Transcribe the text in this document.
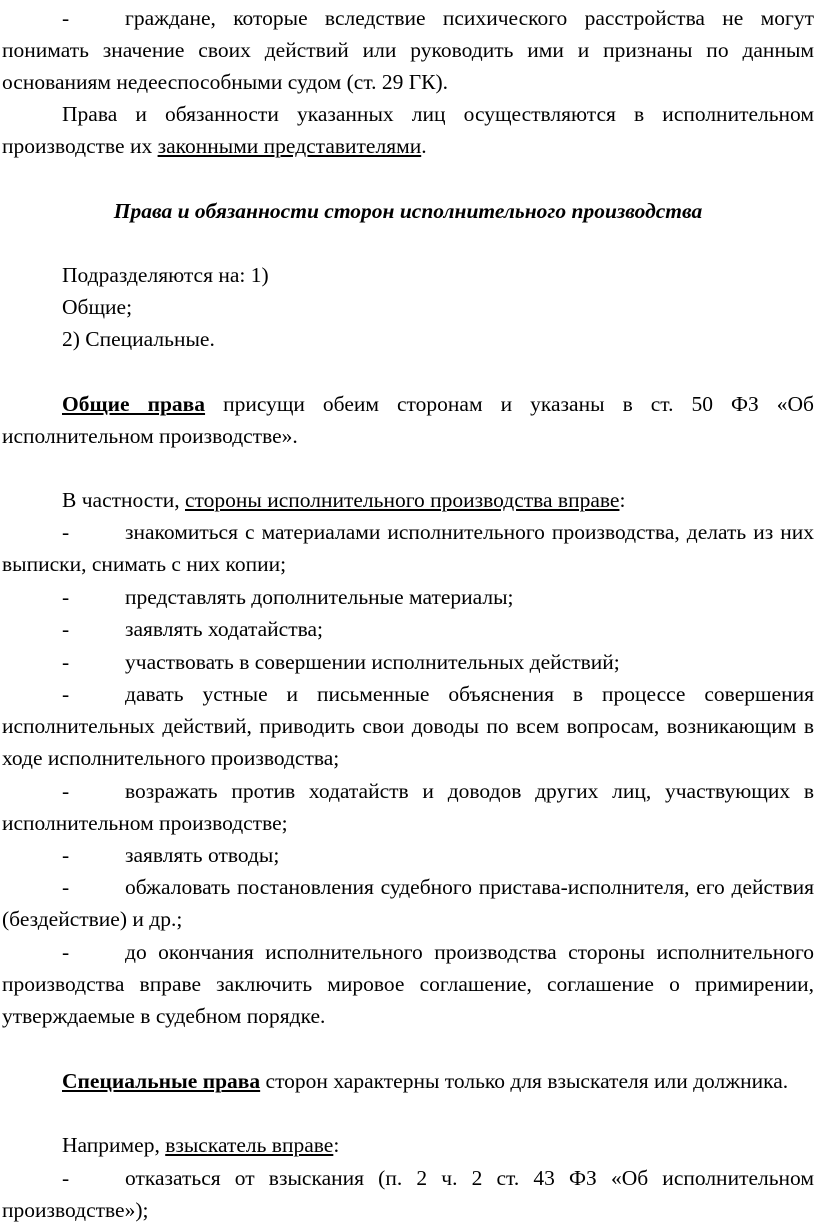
-	граждане, которые вследствие психического расстройства не могут понимать значение своих действий или руководить ими и признаны по данным основаниям недееспособными судом (ст. 29 ГК).

Права и обязанности указанных лиц осуществляются в исполнительном производстве их законными представителями.

Права и обязанности сторон исполнительного производства

Подразделяются на: 1)

Общие;

2) Специальные.

Общие права присущи обеим сторонам и указаны в ст. 50 ФЗ «Об исполнительном производстве».

В частности, стороны исполнительного производства вправе:

-	знакомиться с материалами исполнительного производства, делать из них выписки, снимать с них копии;

-	представлять дополнительные материалы;

-	заявлять ходатайства;

-	участвовать в совершении исполнительных действий;

-	давать устные и письменные объяснения в процессе совершения исполнительных действий, приводить свои доводы по всем вопросам, возникающим в ходе исполнительного производства;

-	возражать против ходатайств и доводов других лиц, участвующих в исполнительном производстве;

-	заявлять отводы;

-	обжаловать постановления судебного пристава-исполнителя, его действия (бездействие) и др.;

-	до окончания исполнительного производства стороны исполнительного производства вправе заключить мировое соглашение, соглашение о примирении, утверждаемые в судебном порядке.

Специальные права сторон характерны только для взыскателя или должника.

Например, взыскатель вправе:

-	отказаться от взыскания (п. 2 ч. 2 ст. 43 ФЗ «Об исполнительном производстве»);
